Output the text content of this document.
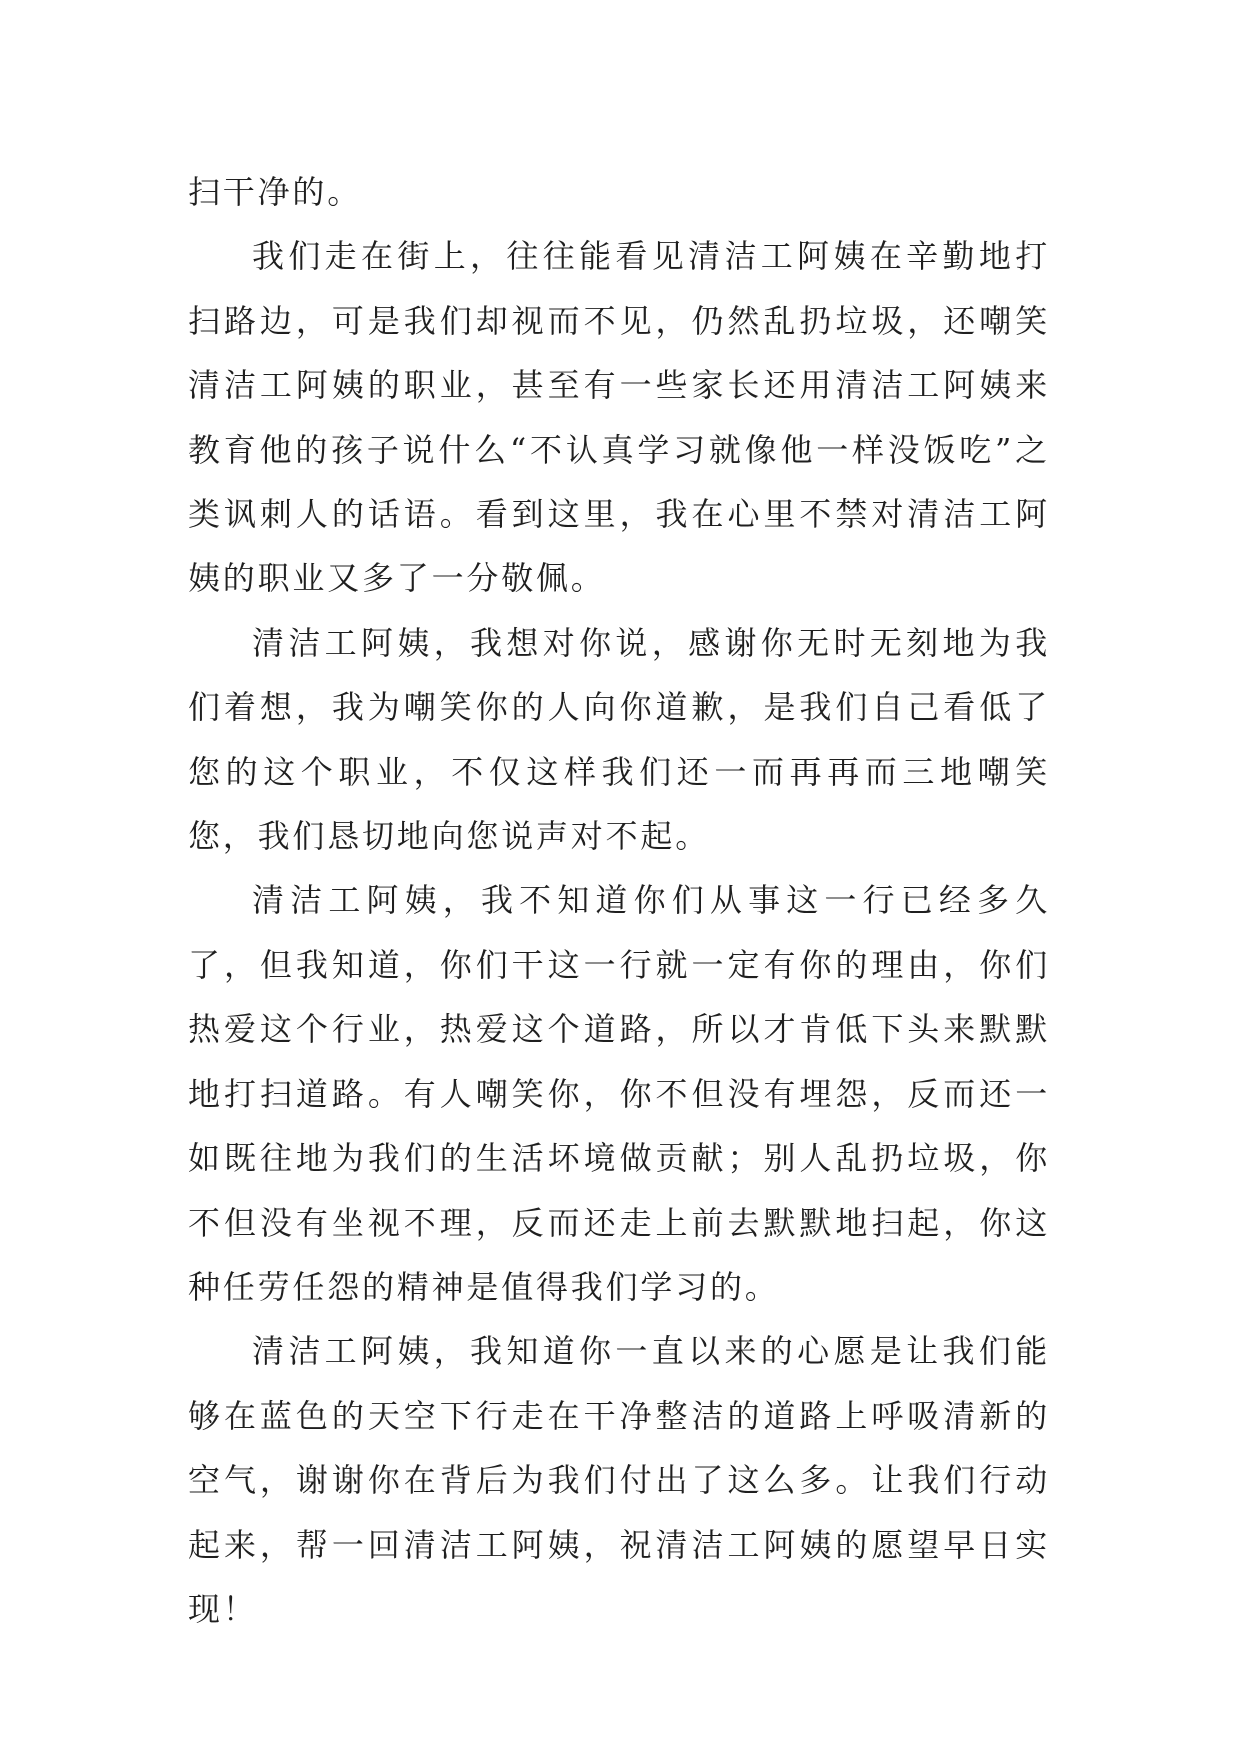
扫干净的。

我们走在街上，往往能看见清洁工阿姨在辛勤地打扫路边，可是我们却视而不见，仍然乱扔垃圾，还嘲笑清洁工阿姨的职业，甚至有一些家长还用清洁工阿姨来教育他的孩子说什么“不认真学习就像他一样没饭吃”之类讽刺人的话语。看到这里，我在心里不禁对清洁工阿姨的职业又多了一分敬佩。

清洁工阿姨，我想对你说，感谢你无时无刻地为我们着想，我为嘲笑你的人向你道歉，是我们自己看低了您的这个职业，不仅这样我们还一而再再而三地嘲笑您，我们恳切地向您说声对不起。

清洁工阿姨，我不知道你们从事这一行已经多久了，但我知道，你们干这一行就一定有你的理由，你们热爱这个行业，热爱这个道路，所以才肯低下头来默默地打扫道路。有人嘲笑你，你不但没有埋怨，反而还一如既往地为我们的生活坏境做贡献；别人乱扔垃圾，你不但没有坐视不理，反而还走上前去默默地扫起，你这种任劳任怨的精神是值得我们学习的。

清洁工阿姨，我知道你一直以来的心愿是让我们能够在蓝色的天空下行走在干净整洁的道路上呼吸清新的空气，谢谢你在背后为我们付出了这么多。让我们行动起来，帮一回清洁工阿姨，祝清洁工阿姨的愿望早日实现！
